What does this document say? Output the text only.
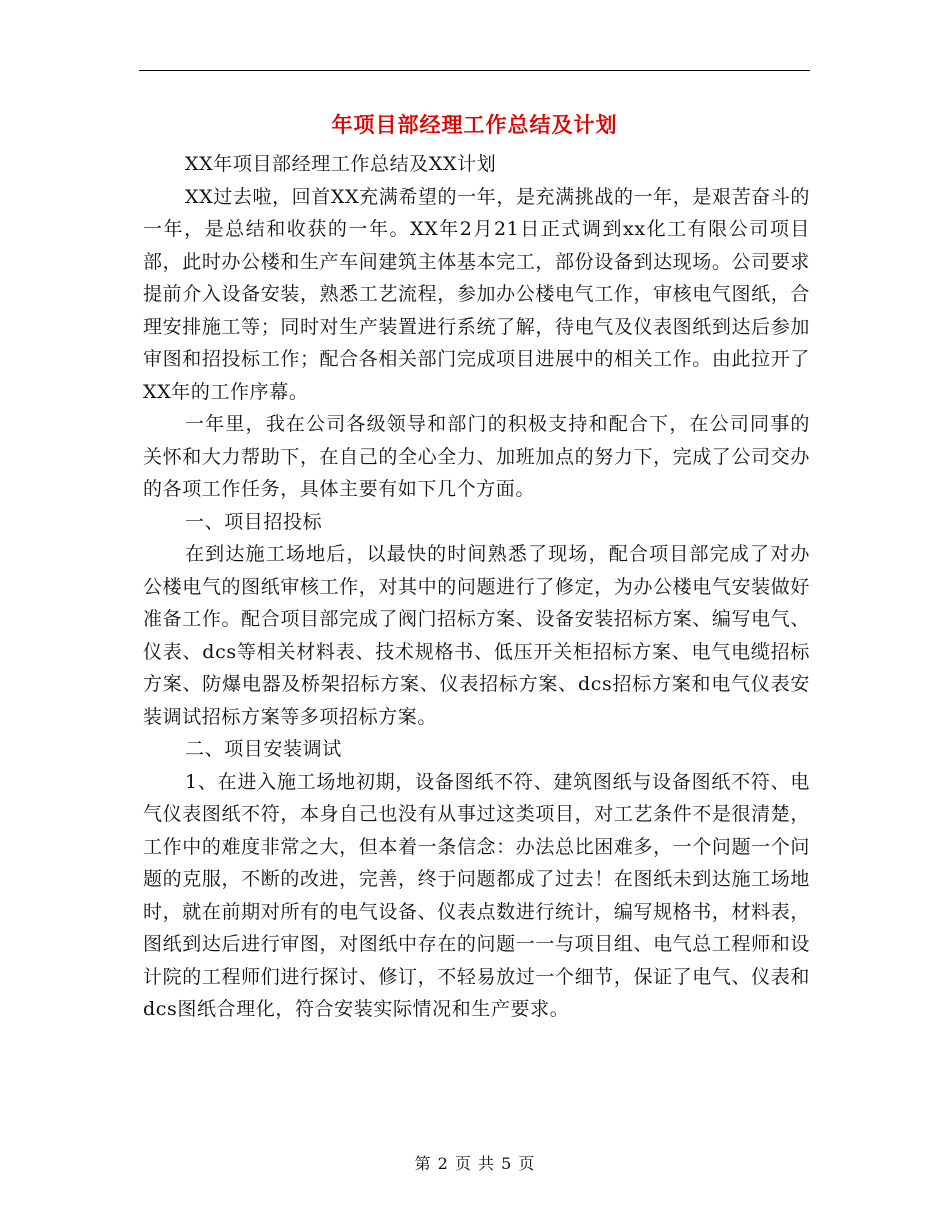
年项目部经理工作总结及计划

XX年项目部经理工作总结及XX计划

XX过去啦，回首XX充满希望的一年，是充满挑战的一年，是艰苦奋斗的一年，是总结和收获的一年。XX年2月21日正式调到xx化工有限公司项目部，此时办公楼和生产车间建筑主体基本完工，部份设备到达现场。公司要求提前介入设备安装，熟悉工艺流程，参加办公楼电气工作，审核电气图纸，合理安排施工等；同时对生产装置进行系统了解，待电气及仪表图纸到达后参加审图和招投标工作；配合各相关部门完成项目进展中的相关工作。由此拉开了XX年的工作序幕。

一年里，我在公司各级领导和部门的积极支持和配合下，在公司同事的关怀和大力帮助下，在自己的全心全力、加班加点的努力下，完成了公司交办的各项工作任务，具体主要有如下几个方面。

一、项目招投标

在到达施工场地后，以最快的时间熟悉了现场，配合项目部完成了对办公楼电气的图纸审核工作，对其中的问题进行了修定，为办公楼电气安装做好准备工作。配合项目部完成了阀门招标方案、设备安装招标方案、编写电气、仪表、dcs等相关材料表、技术规格书、低压开关柜招标方案、电气电缆招标方案、防爆电器及桥架招标方案、仪表招标方案、dcs招标方案和电气仪表安装调试招标方案等多项招标方案。

二、项目安装调试

1、在进入施工场地初期，设备图纸不符、建筑图纸与设备图纸不符、电气仪表图纸不符，本身自己也没有从事过这类项目，对工艺条件不是很清楚，工作中的难度非常之大，但本着一条信念：办法总比困难多，一个问题一个问题的克服，不断的改进，完善，终于问题都成了过去！在图纸未到达施工场地时，就在前期对所有的电气设备、仪表点数进行统计，编写规格书，材料表，图纸到达后进行审图，对图纸中存在的问题一一与项目组、电气总工程师和设计院的工程师们进行探讨、修订，不轻易放过一个细节，保证了电气、仪表和dcs图纸合理化，符合安装实际情况和生产要求。

第 2 页 共 5 页
